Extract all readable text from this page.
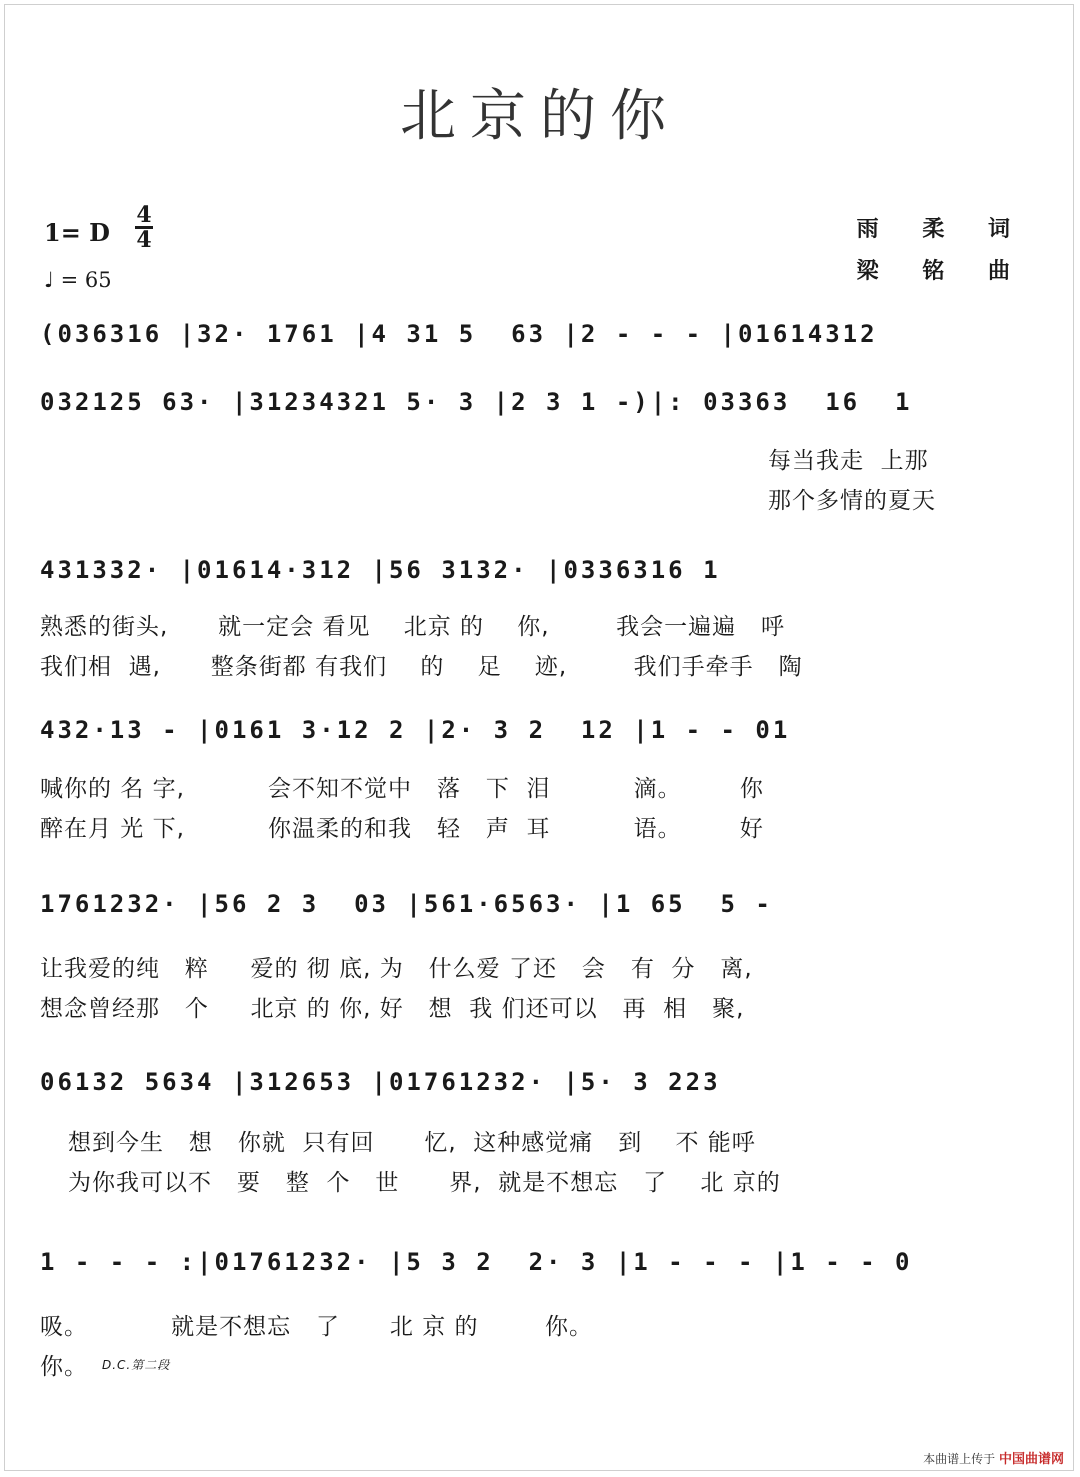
北京的你
1= D
4
4
♩ = 65
雨 柔 词
梁 铭 曲
(036316 |32· 1761 |4 31 5  63 |2 - - - |01614312
032125 63· |31234321 5· 3 |2 3 1 -)|: 03363  16  1
每当我走  上那
那个多情的夏天
431332· |01614·312 |56 3132· |0336316 1
熟悉的街头,      就一定会 看见    北京 的    你,        我会一遍遍   呼
我们相  遇,      整条街都 有我们    的    足    迹,        我们手牵手   陶
432·13 - |0161 3·12 2 |2· 3 2  12 |1 - - 01
喊你的 名 字,          会不知不觉中   落   下  泪          滴。       你
醉在月 光 下,          你温柔的和我   轻   声  耳          语。       好
1761232· |56 2 3  03 |561·6563· |1 65  5 -
让我爱的纯   粹     爱的 彻 底, 为   什么爱 了还   会   有  分   离,
想念曾经那   个     北京 的 你, 好   想  我 们还可以   再  相   聚,
06132 5634 |312653 |01761232· |5· 3 223
想到今生   想   你就  只有回      忆,  这种感觉痛   到    不 能呼
为你我可以不   要   整  个   世      界,  就是不想忘   了    北 京的
1 - - - :|01761232· |5 3 2  2· 3 |1 - - - |1 - - 0
吸。          就是不想忘   了      北 京 的        你。
你。 D.C.第二段
本曲谱上传于 中国曲谱网
